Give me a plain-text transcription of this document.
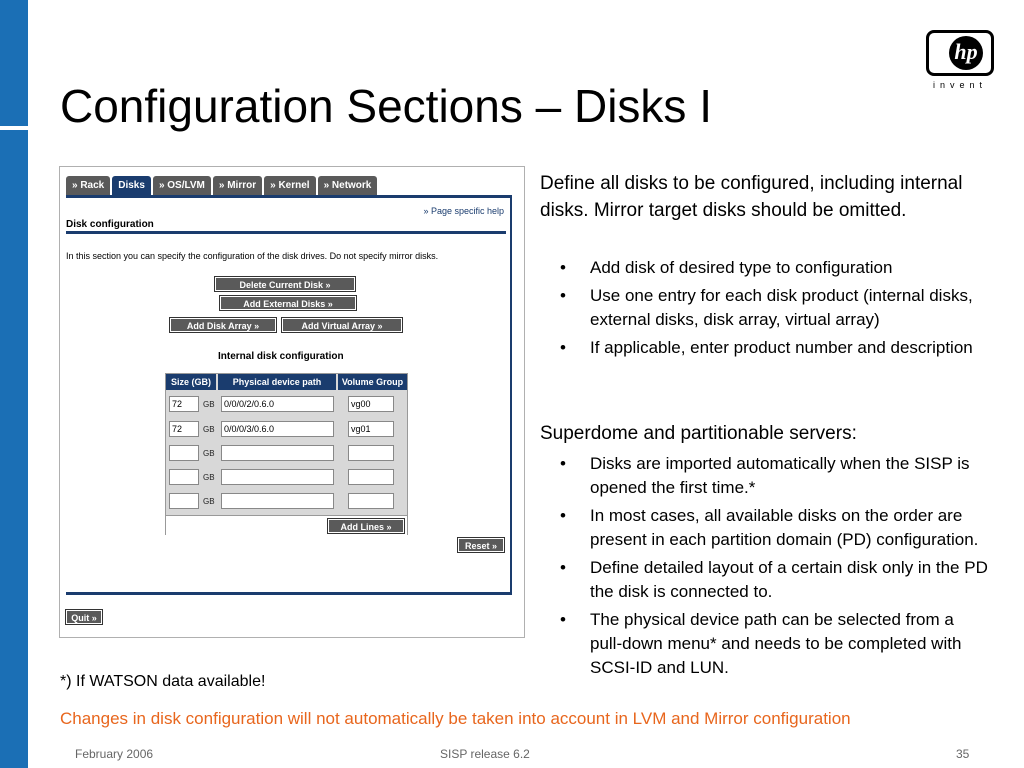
Configuration Sections – Disks I
hp
invent
» Rack	Disks	» OS/LVM	» Mirror	» Kernel	» Network
» Page specific help
Disk configuration
In this section you can specify the configuration of the disk drives. Do not specify mirror disks.
Delete Current Disk »
Add External Disks »
Add Disk Array »	Add Virtual Array »
Internal disk configuration
Size (GB)	Physical device path	Volume Group
72	GB	0/0/0/2/0.6.0	vg00
72	GB	0/0/0/3/0.6.0	vg01
GB
GB
GB
Add Lines »
Reset »
Quit »
*) If WATSON data available!
Define all disks to be configured, including internal disks. Mirror target disks should be omitted.
• Add disk of desired type to configuration
• Use one entry for each disk product (internal disks, external disks, disk array, virtual array)
• If applicable, enter product number and description
Superdome and partitionable servers:
• Disks are imported automatically when the SISP is opened the first time.*
• In most cases, all available disks on the order are present in each partition domain (PD) configuration.
• Define detailed layout of a certain disk only in the PD the disk is connected to.
• The physical device path can be selected from a pull-down menu* and needs to be completed with SCSI-ID and LUN.
Changes in disk configuration will not automatically be taken into account in LVM and Mirror configuration
February 2006	SISP release 6.2	35
